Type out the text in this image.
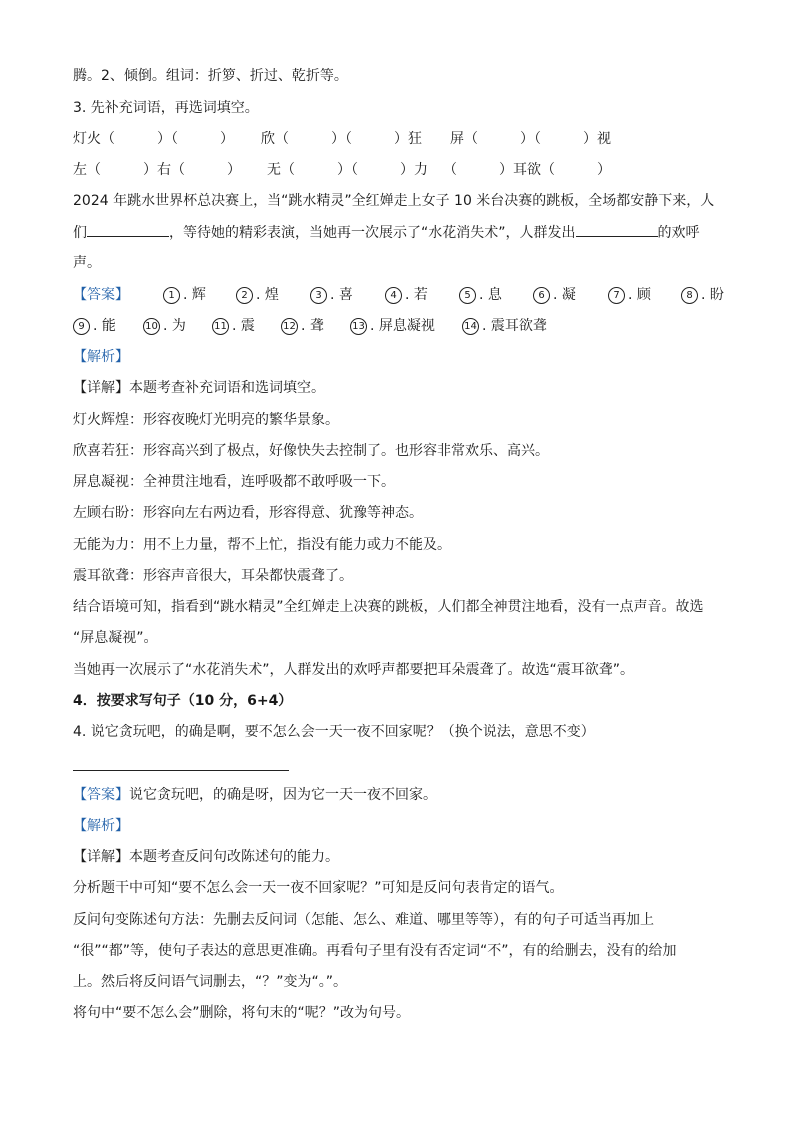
腾。2、倾倒。组词：折箩、折过、乾折等。
3. 先补充词语，再选词填空。
灯火（　　　）（　　　） 欣（　　　）（　　　）狂 屏（　　　）（　　　）视
左（　　　）右（　　　） 无（　　　）（　　　）力 （　　　）耳欲（　　　）
2024 年跳水世界杯总决赛上，当“跳水精灵”全红婵走上女子 10 米台决赛的跳板，全场都安静下来，人
们	，等待她的精彩表演，当她再一次展示了“水花消失术”，人群发出	的欢呼
声。
【答案】	1 . 辉	2 . 煌	3 . 喜	4 . 若	5 . 息	6 . 凝	7 . 顾	8 . 盼
9 . 能	10 . 为	11 . 震	12 . 聋	13 . 屏息凝视	14 . 震耳欲聋
【解析】
【详解】本题考查补充词语和选词填空。
灯火辉煌：形容夜晚灯光明亮的繁华景象。
欣喜若狂：形容高兴到了极点，好像快失去控制了。也形容非常欢乐、高兴。
屏息凝视：全神贯注地看，连呼吸都不敢呼吸一下。
左顾右盼：形容向左右两边看，形容得意、犹豫等神态。
无能为力：用不上力量，帮不上忙，指没有能力或力不能及。
震耳欲聋：形容声音很大，耳朵都快震聋了。
结合语境可知，指看到“跳水精灵”全红婵走上决赛的跳板，人们都全神贯注地看，没有一点声音。故选
“屏息凝视”。
当她再一次展示了“水花消失术”，人群发出的欢呼声都要把耳朵震聋了。故选“震耳欲聋”。
4．按要求写句子（10 分，6+4）
4. 说它贪玩吧，的确是啊，要不怎么会一天一夜不回家呢？（换个说法，意思不变）
【答案】说它贪玩吧，的确是呀，因为它一天一夜不回家。
【解析】
【详解】本题考查反问句改陈述句的能力。
分析题干中可知“要不怎么会一天一夜不回家呢？”可知是反问句表肯定的语气。
反问句变陈述句方法：先删去反问词（怎能、怎么、难道、哪里等等），有的句子可适当再加上
“很”“都”等，使句子表达的意思更准确。再看句子里有没有否定词“不”，有的给删去，没有的给加
上。然后将反问语气词删去，“？”变为“。”。
将句中“要不怎么会”删除，将句末的“呢？”改为句号。
